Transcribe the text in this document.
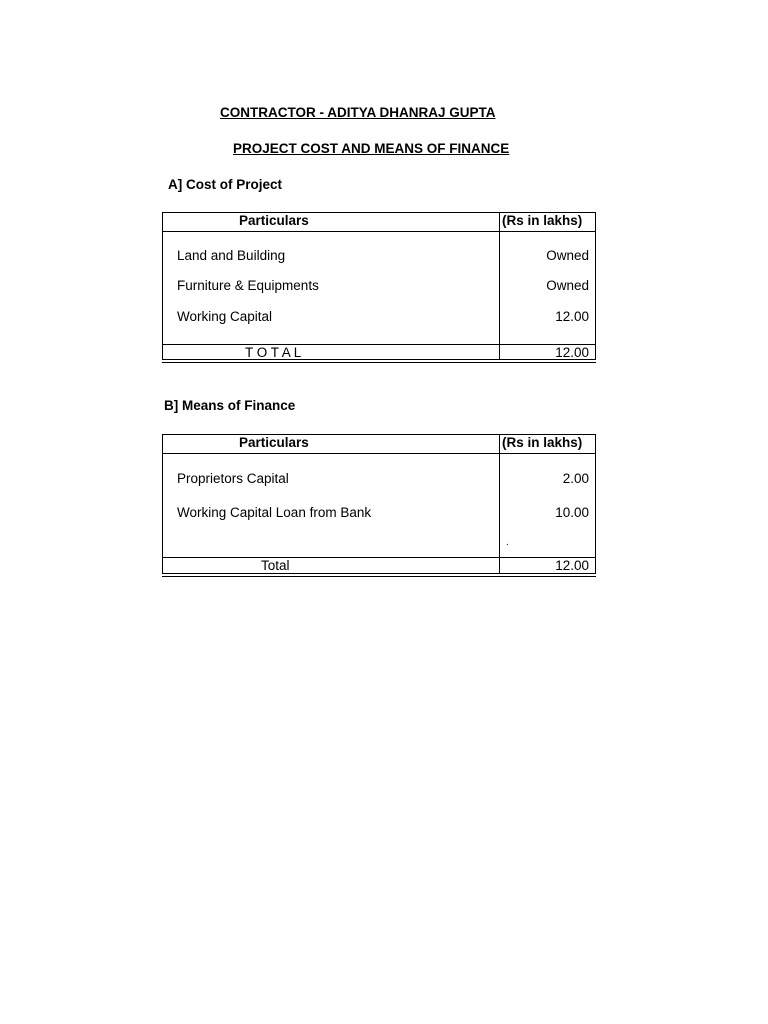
CONTRACTOR - ADITYA DHANRAJ GUPTA
PROJECT COST AND MEANS OF FINANCE
A] Cost of Project
Particulars	(Rs in lakhs)
Land and Building	Owned
Furniture & Equipments	Owned
Working Capital	12.00
T O T A L	12.00
B] Means of Finance
Particulars	(Rs in lakhs)
Proprietors Capital	2.00
Working Capital Loan from Bank	10.00
.
Total	12.00
